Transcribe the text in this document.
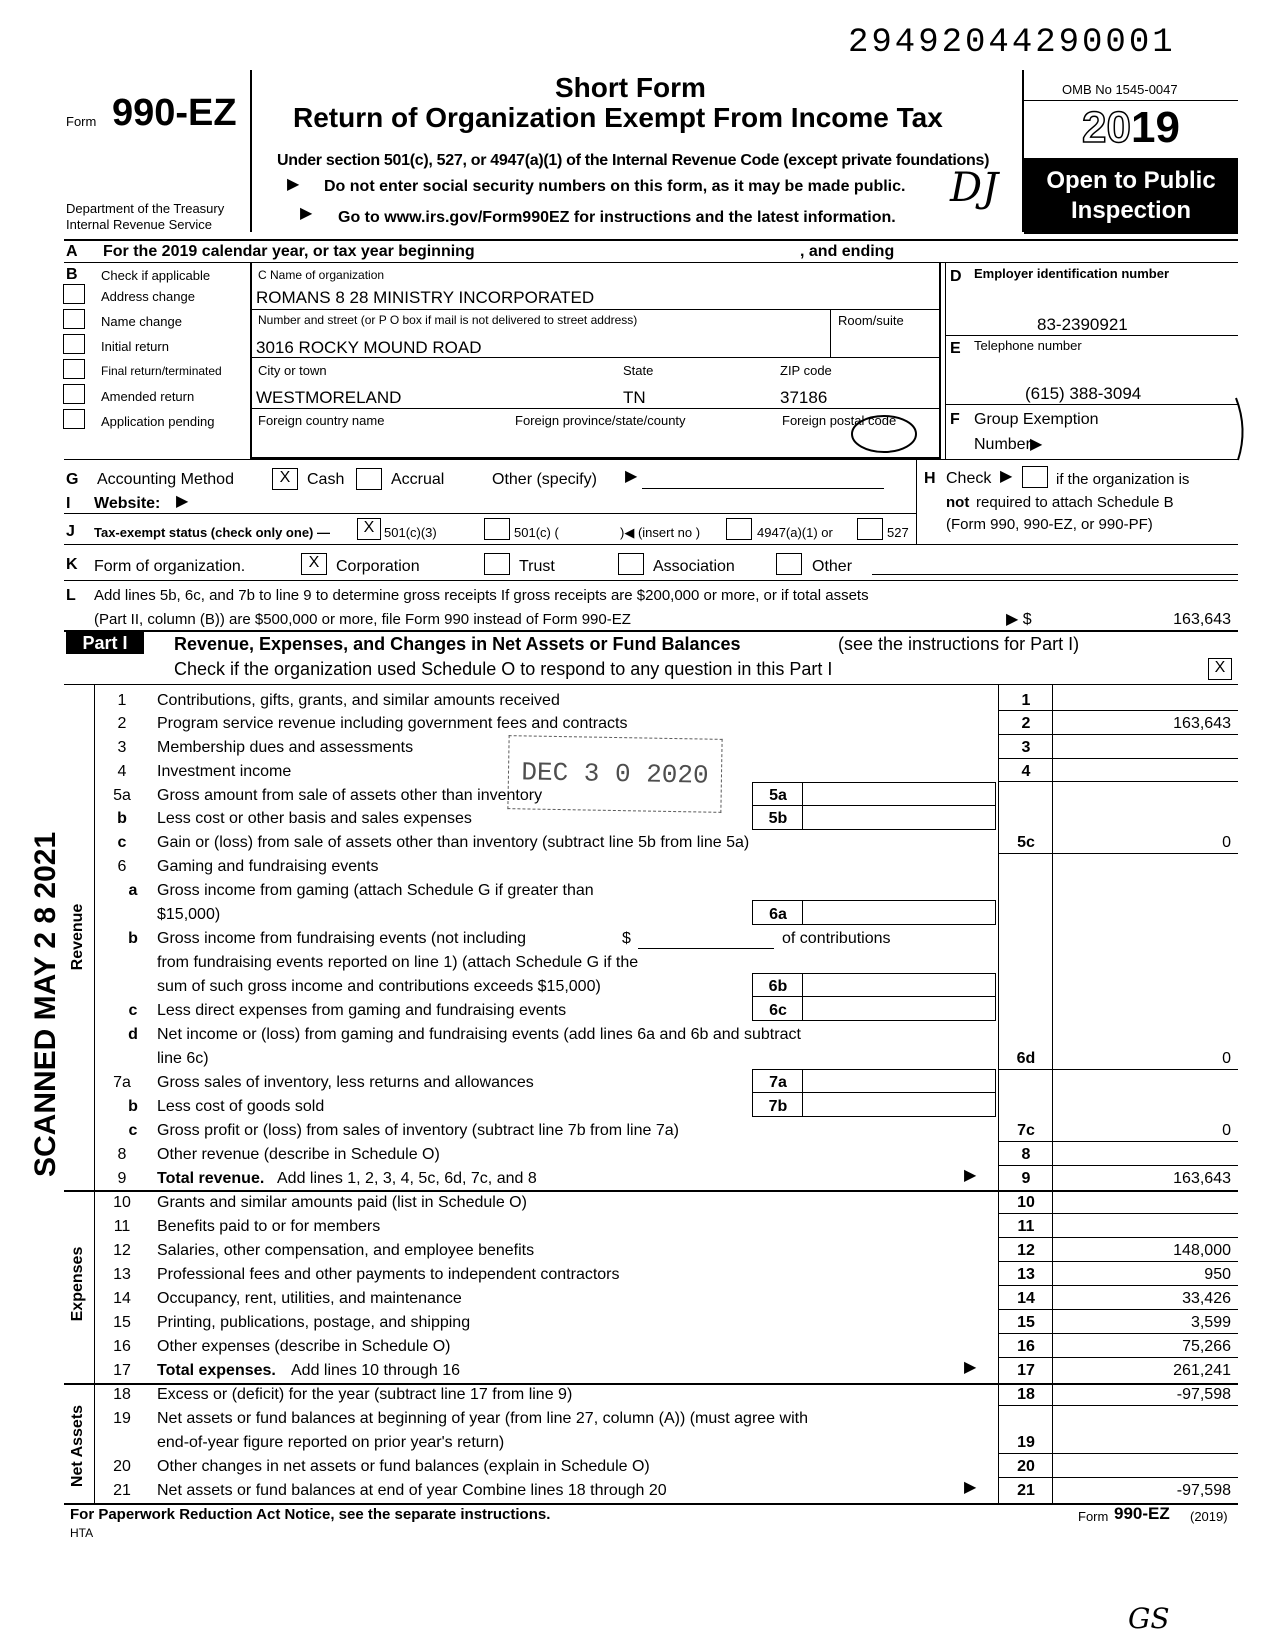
29492044290001
Form 990-EZ
Department of the Treasury
Internal Revenue Service
Short Form
Return of Organization Exempt From Income Tax
Under section 501(c), 527, or 4947(a)(1) of the Internal Revenue Code (except private foundations)
▶ Do not enter social security numbers on this form, as it may be made public.
▶ Go to www.irs.gov/Form990EZ for instructions and the latest information.
OMB No 1545-0047
2019
Open to Public
Inspection
A For the 2019 calendar year, or tax year beginning	, and ending
B Check if applicable
Address change
Name change
Initial return
Final return/terminated
Amended return
Application pending
C Name of organization
ROMANS 8 28 MINISTRY INCORPORATED
Number and street (or P O box if mail is not delivered to street address)	Room/suite
3016 ROCKY MOUND ROAD
City or town	State	ZIP code
WESTMORELAND	TN	37186
Foreign country name	Foreign province/state/county	Foreign postal code
D Employer identification number
83-2390921
E Telephone number
(615) 388-3094
F Group Exemption
Number ▶
G Accounting Method	X	Cash	Accrual	Other (specify) ▶
I Website: ▶
H Check ▶	if the organization is
not required to attach Schedule B
(Form 990, 990-EZ, or 990-PF)
J Tax-exempt status (check only one) —	X 501(c)(3)	501(c) (	)◀ (insert no )	4947(a)(1) or	527
K Form of organization.	X	Corporation	Trust	Association	Other
L Add lines 5b, 6c, and 7b to line 9 to determine gross receipts If gross receipts are $200,000 or more, or if total assets
(Part II, column (B)) are $500,000 or more, file Form 990 instead of Form 990-EZ	▶ $	163,643
Part I	Revenue, Expenses, and Changes in Net Assets or Fund Balances	(see the instructions for Part I)
Check if the organization used Schedule O to respond to any question in this Part I	X
Revenue
Expenses
Net Assets
1	Contributions, gifts, grants, and similar amounts received	1
2	Program service revenue including government fees and contracts	2	163,643
3	Membership dues and assessments	3
4	Investment income	4
5a	Gross amount from sale of assets other than inventory	5a
b	Less cost or other basis and sales expenses	5b
c	Gain or (loss) from sale of assets other than inventory (subtract line 5b from line 5a)	5c	0
6	Gaming and fundraising events
a	Gross income from gaming (attach Schedule G if greater than
$15,000)	6a
b	Gross income from fundraising events (not including	$	of contributions
from fundraising events reported on line 1) (attach Schedule G if the
sum of such gross income and contributions exceeds $15,000)	6b
c	Less direct expenses from gaming and fundraising events	6c
d	Net income or (loss) from gaming and fundraising events (add lines 6a and 6b and subtract
line 6c)	6d	0
7a	Gross sales of inventory, less returns and allowances	7a
b	Less cost of goods sold	7b
c	Gross profit or (loss) from sales of inventory (subtract line 7b from line 7a)	7c	0
8	Other revenue (describe in Schedule O)	8
9	Total revenue. Add lines 1, 2, 3, 4, 5c, 6d, 7c, and 8	▶	9	163,643
10	Grants and similar amounts paid (list in Schedule O)	10
11	Benefits paid to or for members	11
12	Salaries, other compensation, and employee benefits	12	148,000
13	Professional fees and other payments to independent contractors	13	950
14	Occupancy, rent, utilities, and maintenance	14	33,426
15	Printing, publications, postage, and shipping	15	3,599
16	Other expenses (describe in Schedule O)	16	75,266
17	Total expenses. Add lines 10 through 16	▶	17	261,241
18	Excess or (deficit) for the year (subtract line 17 from line 9)	18	-97,598
19	Net assets or fund balances at beginning of year (from line 27, column (A)) (must agree with
end-of-year figure reported on prior year's return)	19
20	Other changes in net assets or fund balances (explain in Schedule O)	20
21	Net assets or fund balances at end of year Combine lines 18 through 20	▶	21	-97,598
For Paperwork Reduction Act Notice, see the separate instructions.
HTA
Form 990-EZ (2019)
DEC 3 0 2020
SCANNED MAY 2 8 2021
DJ
GS
